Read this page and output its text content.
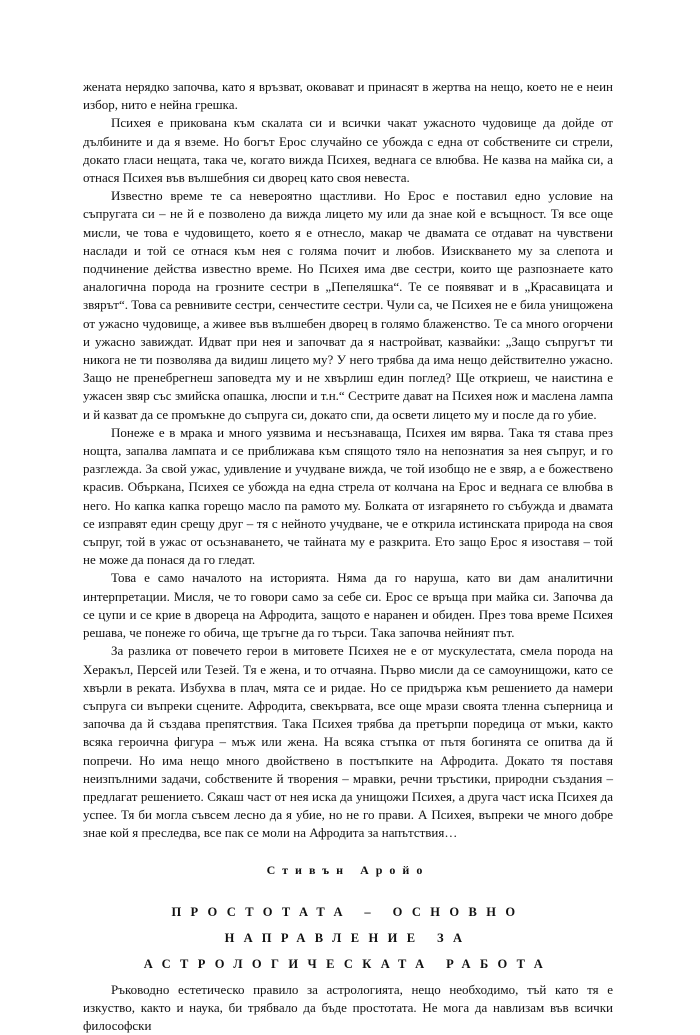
жената нерядко започва, като я връзват, оковават и принасят в жертва на нещо, което не е неин избор, нито е нейна грешка.

Психея е прикована към скалата си и всички чакат ужасното чудовище да дойде от дълбините и да я вземе. Но богът Ерос случайно се убожда с една от собствените си стрели, докато гласи нещата, така че, когато вижда Психея, веднага се влюбва. Не казва на майка си, а отнася Психея във вълшебния си дворец като своя невеста.

Известно време те са невероятно щастливи. Но Ерос е поставил едно условие на съпругата си – не й е позволено да вижда лицето му или да знае кой е всъщност. Тя все още мисли, че това е чудовището, което я е отнесло, макар че двамата се отдават на чувствени наслади и той се отнася към нея с голяма почит и любов. Изискването му за слепота и подчинение действа известно време. Но Психея има две сестри, които ще разпознаете като аналогична порода на грозните сестри в „Пепеляшка“. Те се появяват и в „Красавицата и звярът“. Това са ревнивите сестри, сенчестите сестри. Чули са, че Психея не е била унищожена от ужасно чудовище, а живее във вълшебен дворец в голямо блаженство. Те са много огорчени и ужасно завиждат. Идват при нея и започват да я настройват, казвайки: „Защо съпругът ти никога не ти позволява да видиш лицето му? У него трябва да има нещо действително ужасно. Защо не пренебрегнеш заповедта му и не хвърлиш един поглед? Ще откриеш, че наистина е ужасен звяр със змийска опашка, люспи и т.н.“ Сестрите дават на Психея нож и маслена лампа и й казват да се промъкне до съпруга си, докато спи, да освети лицето му и после да го убие.

Понеже е в мрака и много уязвима и несъзнаваща, Психея им вярва. Така тя става през нощта, запалва лампата и се приближава към спящото тяло на непознатия за нея съпруг, и го разглежда. За свой ужас, удивление и учудване вижда, че той изобщо не е звяр, а е божествено красив. Объркана, Психея се убожда на една стрела от колчана на Ерос и веднага се влюбва в него. Но капка капка горещо масло па рамото му. Болката от изгарянето го събужда и двамата се изправят един срещу друг – тя с нейното учудване, че е открила истинската природа на своя съпруг, той в ужас от осъзнаването, че тайната му е разкрита. Ето защо Ерос я изоставя – той не може да понася да го гледат.

Това е само началото на историята. Няма да го наруша, като ви дам аналитични интерпретации. Мисля, че то говори само за себе си. Ерос се връща при майка си. Започва да се цупи и се крие в двореца на Афродита, защото е наранен и обиден. През това време Психея решава, че понеже го обича, ще тръгне да го търси. Така започва нейният път.

За разлика от повечето герои в митовете Психея не е от мускулестата, смела порода на Херакъл, Персей или Тезей. Тя е жена, и то отчаяна. Първо мисли да се самоунищожи, като се хвърли в реката. Избухва в плач, мята се и ридае. Но се придържа към решението да намери съпруга си въпреки сцените. Афродита, свекървата, все още мрази своята тленна съперница и започва да й създава препятствия. Така Психея трябва да претърпи поредица от мъки, както всяка героична фигура – мъж или жена. На всяка стъпка от пътя богинята се опитва да й попречи. Но има нещо много двойствено в постъпките на Афродита. Докато тя поставя неизпълними задачи, собствените й творения – мравки, речни тръстики, природни създания – предлагат решението. Сякаш част от нея иска да унищожи Психея, а друга част иска Психея да успее. Тя би могла съвсем лесно да я убие, но не го прави. А Психея, въпреки че много добре знае кой я преследва, все пак се моли на Афродита за напътствия…

Стивън Аройо
ПРОСТОТАТА – ОСНОВНО
НАПРАВЛЕНИЕ ЗА
АСТРОЛОГИЧЕСКАТА РАБОТА

Ръководно естетическо правило за астрологията, нещо необходимо, тъй като тя е изкуство, както и наука, би трябвало да бъде простотата. Не мога да навлизам във всички философски
